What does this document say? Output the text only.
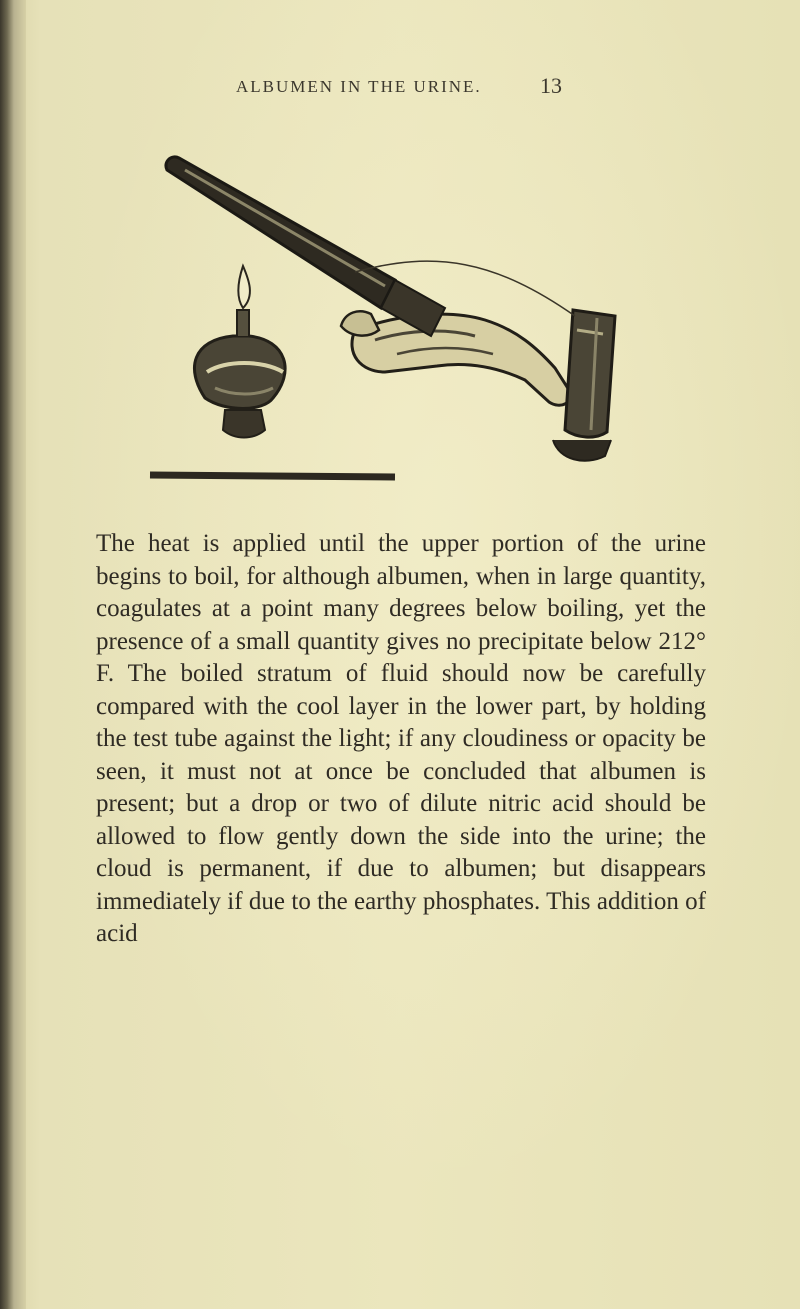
ALBUMEN IN THE URINE.	13

The heat is applied until the upper portion of the urine begins to boil, for although albumen, when in large quantity, coagulates at a point many degrees below boiling, yet the presence of a small quantity gives no precipitate below 212° F. The boiled stratum of fluid should now be carefully compared with the cool layer in the lower part, by holding the test tube against the light; if any cloudiness or opacity be seen, it must not at once be concluded that albumen is present; but a drop or two of dilute nitric acid should be allowed to flow gently down the side into the urine; the cloud is permanent, if due to albumen; but disappears immediately if due to the earthy phosphates. This addition of acid
